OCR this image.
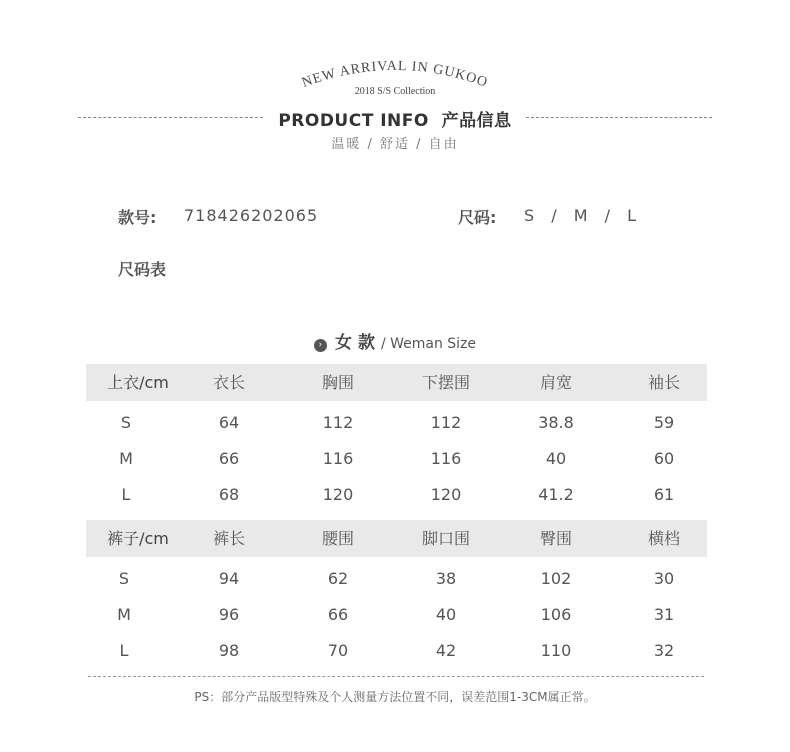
NEW ARRIVAL IN GUKOO
2018 S/S Collection
PRODUCT INFO  产品信息
温暖 / 舒适 / 自由
款号: 718426202065	尺码: S / M / L
尺码表
› 女款/ Weman Size
上衣/cm	衣长	胸围	下摆围	肩宽	袖长
S	64	112	112	38.8	59
M	66	116	116	40	60
L	68	120	120	41.2	61
裤子/cm	裤长	腰围	脚口围	臀围	横档
S	94	62	38	102	30
M	96	66	40	106	31
L	98	70	42	110	32
PS：部分产品版型特殊及个人测量方法位置不同，误差范围1-3CM属正常。
